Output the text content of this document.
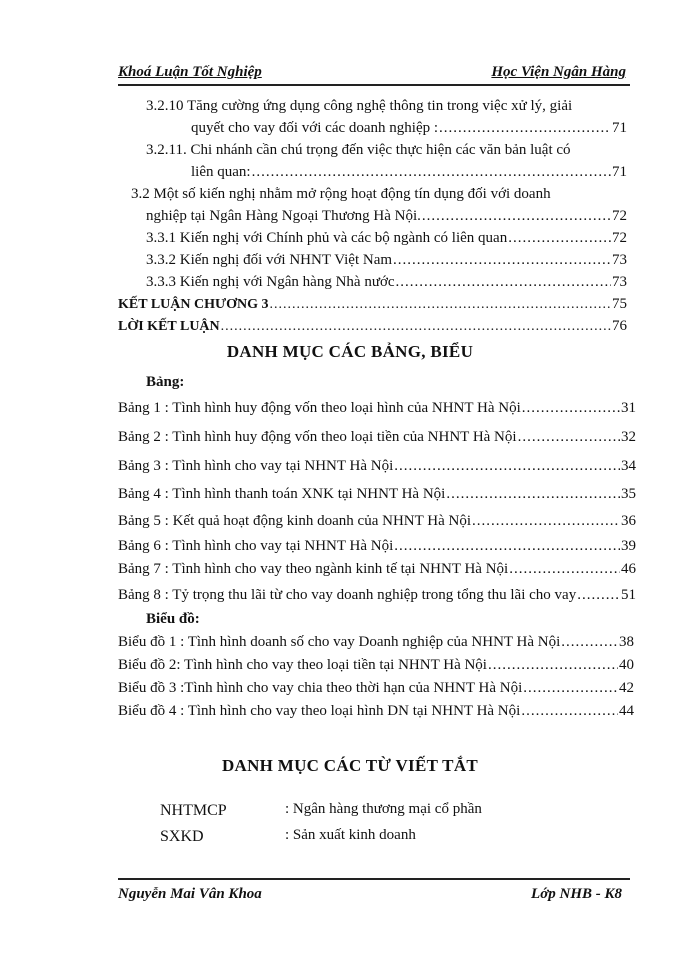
Khoá Luận Tốt Nghiệp	Học Viện Ngân Hàng
3.2.10 Tăng cường ứng dụng công nghệ thông tin trong việc xử lý, giải
quyết cho vay đối với các doanh nghiệp : .....	71
3.2.11. Chi nhánh cần chú trọng đến việc thực hiện các văn bản luật có
liên quan: .....	71
3.2 Một số kiến nghị nhằm mở rộng hoạt động tín dụng đối với doanh
nghiệp tại Ngân Hàng Ngoại Thương Hà Nội. .....	72
3.3.1 Kiến nghị với Chính phủ và các bộ ngành có liên quan .....	72
3.3.2 Kiến nghị đối với NHNT Việt Nam .....	73
3.3.3 Kiến nghị với Ngân hàng Nhà nước .....	73
KẾT LUẬN CHƯƠNG 3 .....	75
LỜI KẾT LUẬN .....	76
DANH MỤC CÁC BẢNG, BIỂU
Bảng:
Bảng 1 : Tình hình huy động vốn theo loại hình của NHNT Hà Nội .....	31
Bảng 2 : Tình hình huy động vốn theo loại tiền của NHNT Hà Nội .....	32
Bảng 3 : Tình hình cho vay tại NHNT Hà Nội .....	34
Bảng 4 : Tình hình thanh toán XNK tại NHNT Hà Nội .....	35
Bảng 5 : Kết quả hoạt động kinh doanh của NHNT Hà Nội .....	36
Bảng 6 : Tình hình cho vay tại NHNT Hà Nội .....	39
Bảng 7 : Tình hình cho vay theo ngành kinh tế tại NHNT Hà Nội .....	46
Bảng 8 : Tỷ trọng thu lãi từ cho vay doanh nghiệp trong tổng thu lãi cho vay .....	51
Biểu đồ:
Biểu đồ 1 : Tình hình doanh số cho vay Doanh nghiệp của NHNT Hà Nội .....	38
Biểu đồ 2: Tình hình cho vay theo loại tiền tại NHNT Hà Nội .....	40
Biểu đồ 3 :Tình hình cho vay chia theo thời hạn của NHNT Hà Nội .....	42
Biểu đồ 4 : Tình hình cho vay theo loại hình DN tại NHNT Hà Nội .....	44
DANH MỤC CÁC TỪ VIẾT TẮT
NHTMCP	: Ngân hàng thương mại cổ phần
SXKD	: Sản xuất kinh doanh
Nguyễn Mai Vân Khoa	Lớp NHB - K8
